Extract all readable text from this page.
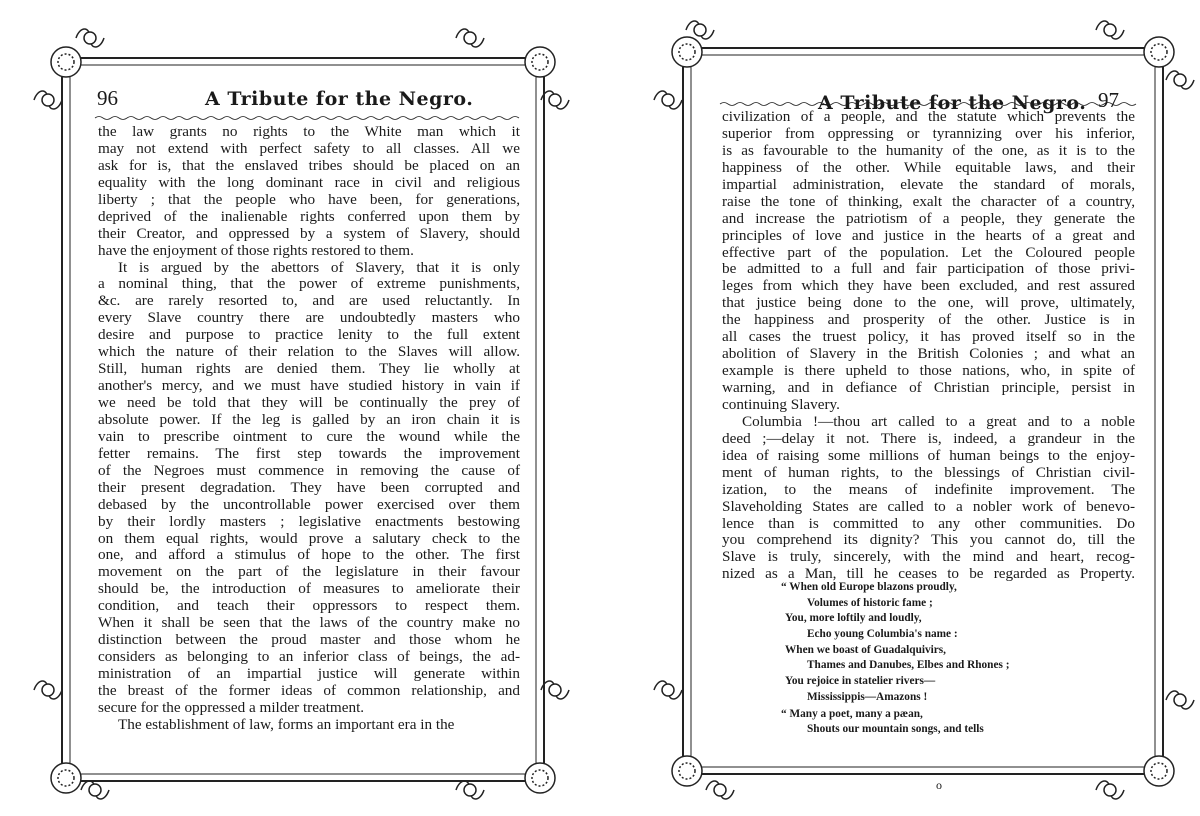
96	A Tribute for the Negro.
the law grants no rights to the White man which it
may not extend with perfect safety to all classes. All we
ask for is, that the enslaved tribes should be placed on an
equality with the long dominant race in civil and religious
liberty ; that the people who have been, for generations,
deprived of the inalienable rights conferred upon them by
their Creator, and oppressed by a system of Slavery, should
have the enjoyment of those rights restored to them.
It is argued by the abettors of Slavery, that it is only
a nominal thing, that the power of extreme punishments,
&c. are rarely resorted to, and are used reluctantly. In
every Slave country there are undoubtedly masters who
desire and purpose to practice lenity to the full extent
which the nature of their relation to the Slaves will allow.
Still, human rights are denied them. They lie wholly at
another's mercy, and we must have studied history in vain if
we need be told that they will be continually the prey of
absolute power. If the leg is galled by an iron chain it is
vain to prescribe ointment to cure the wound while the
fetter remains. The first step towards the improvement
of the Negroes must commence in removing the cause of
their present degradation. They have been corrupted and
debased by the uncontrollable power exercised over them
by their lordly masters ; legislative enactments bestowing
on them equal rights, would prove a salutary check to the
one, and afford a stimulus of hope to the other. The first
movement on the part of the legislature in their favour
should be, the introduction of measures to ameliorate their
condition, and teach their oppressors to respect them.
When it shall be seen that the laws of the country make no
distinction between the proud master and those whom he
considers as belonging to an inferior class of beings, the ad-
ministration of an impartial justice will generate within
the breast of the former ideas of common relationship, and
secure for the oppressed a milder treatment.
The establishment of law, forms an important era in the
A Tribute for the Negro. 97
civilization of a people, and the statute which prevents the
superior from oppressing or tyrannizing over his inferior,
is as favourable to the humanity of the one, as it is to the
happiness of the other. While equitable laws, and their
impartial administration, elevate the standard of morals,
raise the tone of thinking, exalt the character of a country,
and increase the patriotism of a people, they generate the
principles of love and justice in the hearts of a great and
effective part of the population. Let the Coloured people
be admitted to a full and fair participation of those privi-
leges from which they have been excluded, and rest assured
that justice being done to the one, will prove, ultimately,
the happiness and prosperity of the other. Justice is in
all cases the truest policy, it has proved itself so in the
abolition of Slavery in the British Colonies ; and what an
example is there upheld to those nations, who, in spite of
warning, and in defiance of Christian principle, persist in
continuing Slavery.
Columbia !—thou art called to a great and to a noble
deed ;—delay it not. There is, indeed, a grandeur in the
idea of raising some millions of human beings to the enjoy-
ment of human rights, to the blessings of Christian civil-
ization, to the means of indefinite improvement. The
Slaveholding States are called to a nobler work of benevo-
lence than is committed to any other communities. Do
you comprehend its dignity? This you cannot do, till the
Slave is truly, sincerely, with the mind and heart, recog-
nized as a Man, till he ceases to be regarded as Property.
“ When old Europe blazons proudly,
Volumes of historic fame ;
You, more loftily and loudly,
Echo young Columbia's name :
When we boast of Guadalquivirs,
Thames and Danubes, Elbes and Rhones ;
You rejoice in statelier rivers—
Mississippis—Amazons !
“ Many a poet, many a pæan,
Shouts our mountain songs, and tells
o
